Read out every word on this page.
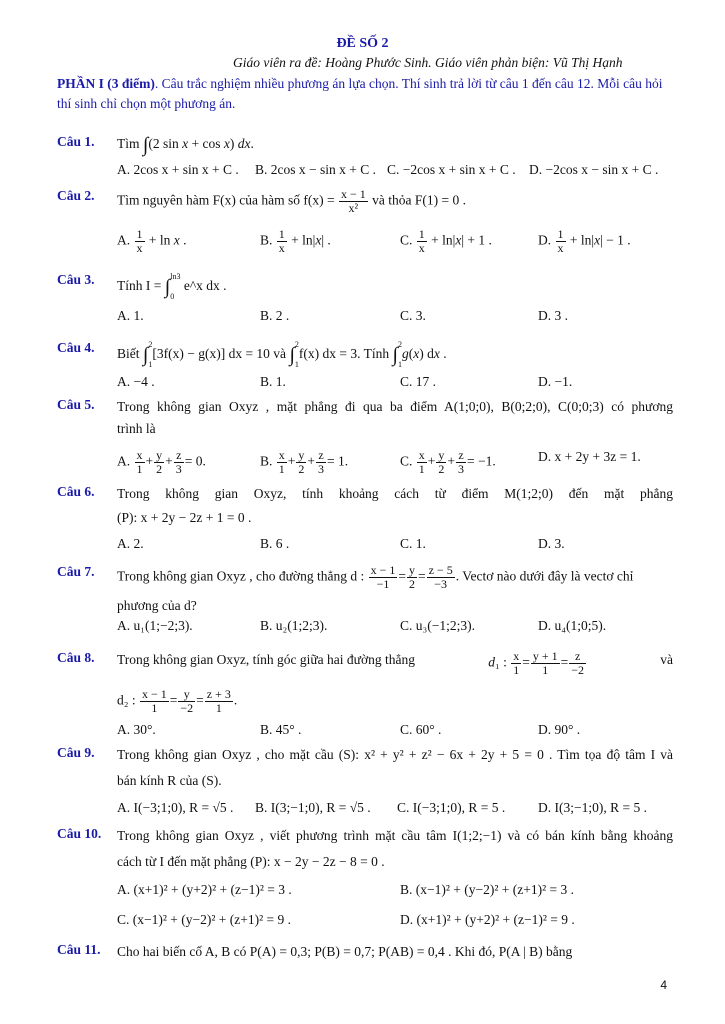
ĐỀ SỐ 2
Giáo viên ra đề: Hoàng Phước Sinh. Giáo viên phản biện: Vũ Thị Hạnh
PHẦN I (3 điểm). Câu trắc nghiệm nhiều phương án lựa chọn. Thí sinh trả lời từ câu 1 đến câu 12. Mỗi câu hỏi thí sinh chỉ chọn một phương án.
Câu 1. Tìm ∫(2 sin x + cos x) dx.
A. 2cos x + sin x + C . B. 2cos x − sin x + C . C. −2cos x + sin x + C . D. −2cos x − sin x + C .
Câu 2. Tìm nguyên hàm F(x) của hàm số $f(x) = \frac{x - 1}{\text{x²}}$ và thỏa F(1) = 0 .
A. $\frac{1}{x} + \ln x$ .	B. $\frac{1}{x} + \ln|x|$ .	C. $\frac{1}{x} + \ln|x| + 1$ .	D. $\frac{1}{x} + \ln|x| - 1$ .
Câu 3. Tính I = ∫ln3

0 e^x dx .
A. 1.	B. 2 .	C. 3.	D. 3 .
Câu 4. Biết ∫2

1[3f(x) − g(x)] dx = 10 và ∫2

1f(x) dx = 3. Tính ∫2

1g(x) dx .
A. −4 .	B. 1.	C. 17 .	D. −1.
Câu 5. Trong không gian Oxyz , mặt phẳng đi qua ba điểm A(1;0;0), B(0;2;0), C(0;0;3) có phương
trình là
A. $\frac{x}{1} + \frac{y}{2} + \frac{z}{3} = 0$.	B. $\frac{x}{1} + \frac{y}{2} + \frac{z}{3} = 1$.	C. $\frac{x}{1} + \frac{y}{2} + \frac{z}{3} = -1$.	D. x + 2y + 3z = 1.
Câu 6. Trong không gian Oxyz, tính khoảng cách từ điểm M(1;2;0) đến mặt phẳng
(P): x + 2y − 2z + 1 = 0 .
A. 2.	B. 6 .	C. 1.	D. 3.
Câu 7. Trong không gian Oxyz , cho đường thẳng d : $\frac{x - 1}{-1} = \frac{y}{2} = \frac{z - 5}{-3}$ . Vectơ nào dưới đây là vectơ chỉ
phương của d?
A. u₁(1;−2;3).	B. u₂(1;2;3).	C. u₃(−1;2;3).	D. u₄(1;0;5).
Câu 8. Trong không gian Oxyz, tính góc giữa hai đường thẳng	d₁ : $\frac{x}{1} = \frac{y + 1}{1} = \frac{z}{-2}$	và
d₂ : $\frac{x - 1}{1} = \frac{y}{-2} = \frac{z + 3}{1}$ .
A. 30°.	B. 45° .	C. 60° .	D. 90° .
Câu 9. Trong không gian Oxyz , cho mặt cầu (S): x² + y² + z² − 6x + 2y + 5 = 0 . Tìm tọa độ tâm I và
bán kính R của (S).
A. I(−3;1;0), R = √5 . B. I(3;−1;0), R = √5 . C. I(−3;1;0), R = 5 . D. I(3;−1;0), R = 5 .
Câu 10. Trong không gian Oxyz , viết phương trình mặt cầu tâm I(1;2;−1) và có bán kính bằng khoảng
cách từ I đến mặt phẳng (P): x − 2y − 2z − 8 = 0 .
A. (x+1)² + (y+2)² + (z−1)² = 3 .	B. (x−1)² + (y−2)² + (z+1)² = 3 .
C. (x−1)² + (y−2)² + (z+1)² = 9 .	D. (x+1)² + (y+2)² + (z−1)² = 9 .
Câu 11. Cho hai biến cố A, B có P(A) = 0,3; P(B) = 0,7; P(AB) = 0,4 . Khi đó, P(A | B) bằng
4
